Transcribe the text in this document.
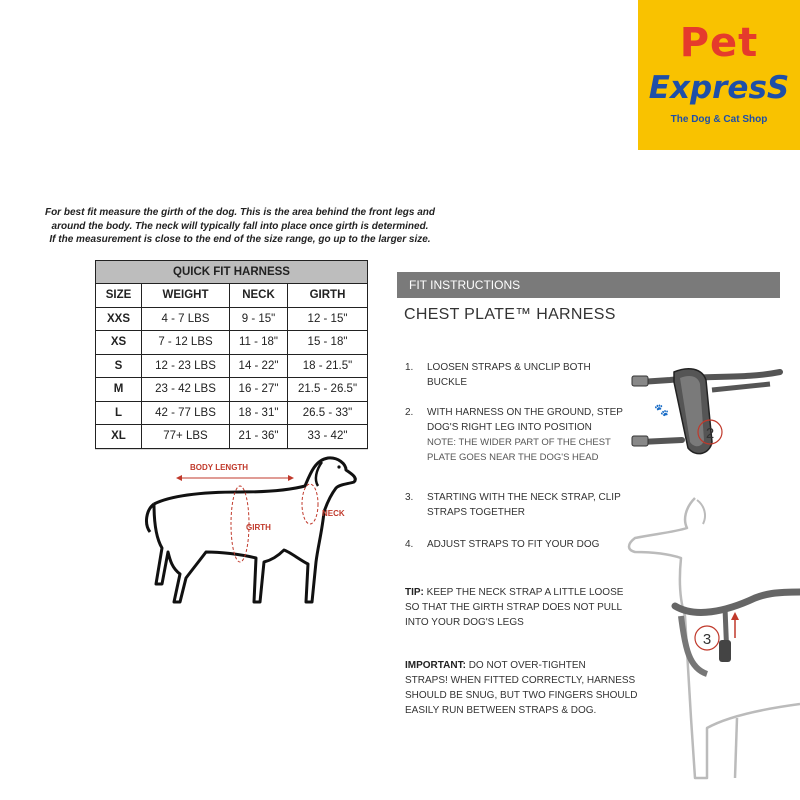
Pet
ExpresS
The Dog & Cat Shop

For best fit measure the girth of the dog. This is the area behind the front legs and

around the body. The neck will typically fall into place once girth is determined.

If the measurement is close to the end of the size range, go up to the larger size.

QUICK FIT HARNESS			
SIZE	WEIGHT	NECK	GIRTH
XXS	4 - 7 LBS	9 - 15"	12 - 15"
XS	7 - 12 LBS	11 - 18"	15 - 18"
S	12 - 23 LBS	14 - 22"	18 - 21.5"
M	23 - 42 LBS	16 - 27"	21.5 - 26.5"
L	42 - 77 LBS	18 - 31"	26.5 - 33"
XL	77+ LBS	21 - 36"	33 - 42"
BODY LENGTH
GIRTH
NECK
FIT INSTRUCTIONS
CHEST PLATE™ HARNESS
1. LOOSEN STRAPS & UNCLIP BOTH
BUCKLE
2. WITH HARNESS ON THE GROUND, STEP
DOG'S RIGHT LEG INTO POSITION
NOTE: THE WIDER PART OF THE CHEST
PLATE GOES NEAR THE DOG'S HEAD
3. STARTING WITH THE NECK STRAP, CLIP
STRAPS TOGETHER
4. ADJUST STRAPS TO FIT YOUR DOG
TIP: KEEP THE NECK STRAP A LITTLE LOOSE
SO THAT THE GIRTH STRAP DOES NOT PULL
INTO YOUR DOG'S LEGS
IMPORTANT: DO NOT OVER-TIGHTEN
STRAPS! WHEN FITTED CORRECTLY, HARNESS
SHOULD BE SNUG, BUT TWO FINGERS SHOULD
EASILY RUN BETWEEN STRAPS & DOG.
🐾
2
3
